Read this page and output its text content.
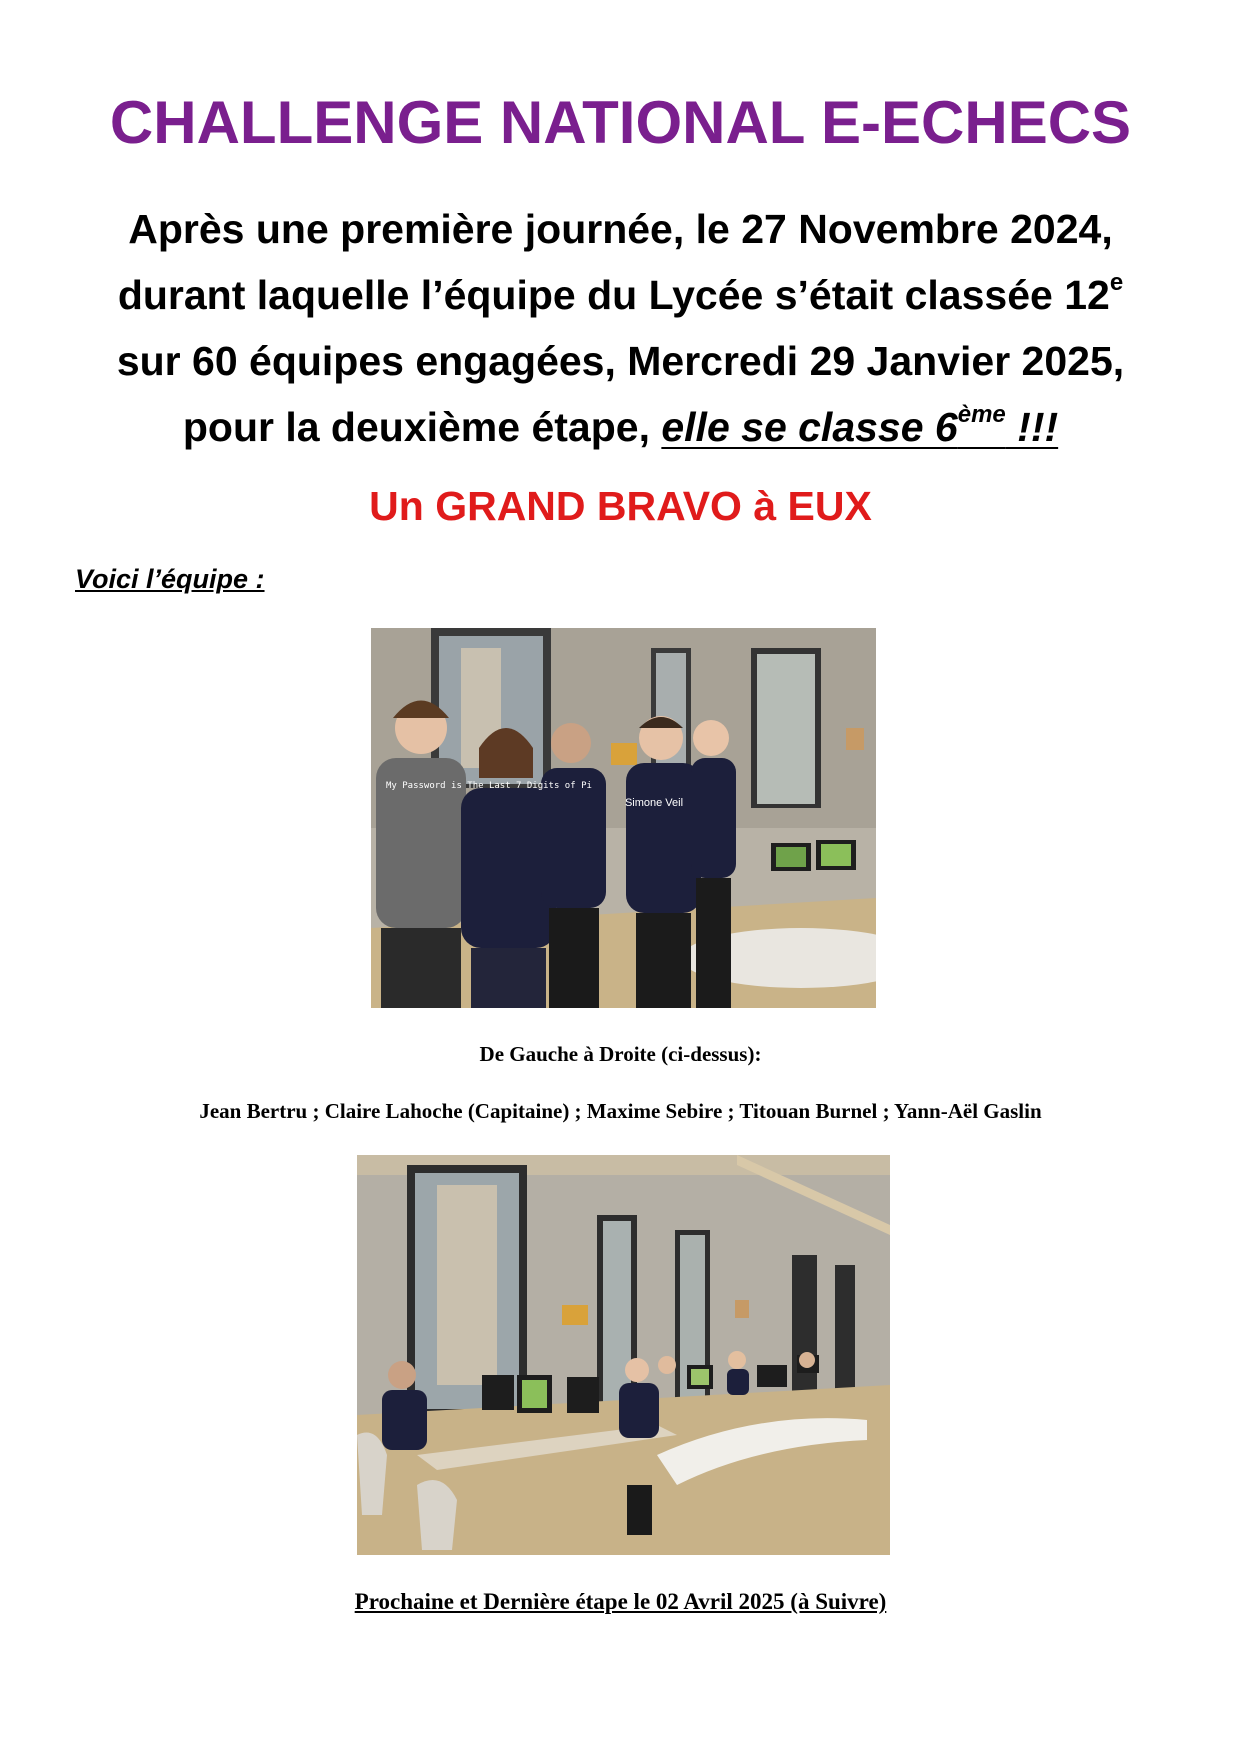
CHALLENGE NATIONAL E-ECHECS
Après une première journée, le 27 Novembre 2024,
durant laquelle l’équipe du Lycée s’était classée 12e
sur 60 équipes engagées, Mercredi 29 Janvier 2025,
pour la deuxième étape, elle se classe 6ème !!!
Un GRAND BRAVO à EUX

Voici l’équipe :

Simone Veil
My Password is The Last 7 Digits of Pi

De Gauche à Droite (ci-dessus):

Jean Bertru ; Claire Lahoche (Capitaine) ; Maxime Sebire ; Titouan Burnel ; Yann-Aël Gaslin

Prochaine et Dernière étape le 02 Avril 2025 (à Suivre)
